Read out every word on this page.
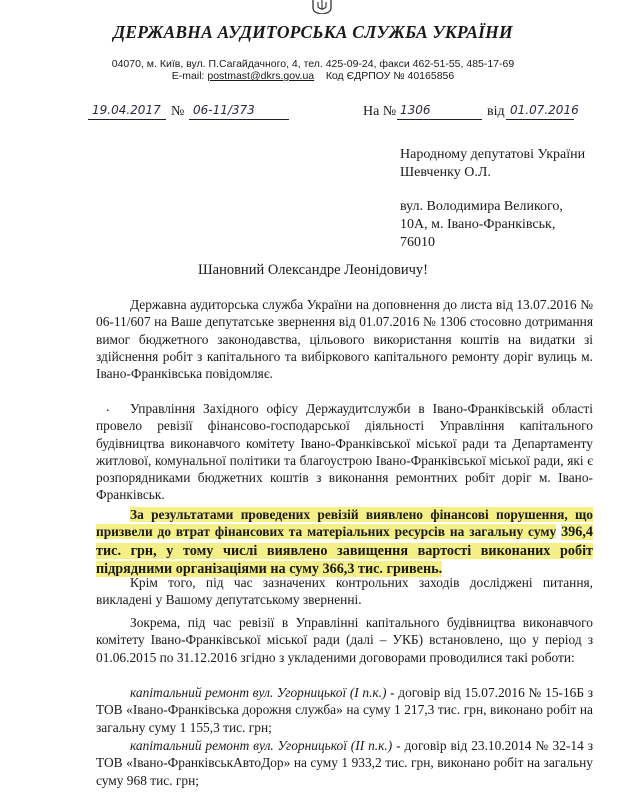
ДЕРЖАВНА АУДИТОРСЬКА СЛУЖБА УКРАЇНИ
04070, м. Київ, вул. П.Сагайдачного, 4, тел. 425-09-24, факси 462-51-55, 485-17-69
E-mail: postmast@dkrs.gov.ua Код ЄДРПОУ № 40165856
19.04.2017 № 06-11/373	На № 1306	від 01.07.2016
Народному депутатові України
Шевченку О.Л.
вул. Володимира Великого,
10А, м. Івано-Франківськ,
76010
Шановний Олександре Леонідовичу!
Державна аудиторська служба України на доповнення до листа від 13.07.2016 № 06-11/607 на Ваше депутатське звернення від 01.07.2016 № 1306 стосовно дотримання вимог бюджетного законодавства, цільового використання коштів на видатки зі здійснення робіт з капітального та вибіркового капітального ремонту доріг вулиць м. Івано-Франківська повідомляє.
.	Управління Західного офісу Держаудитслужби в Івано-Франківській області провело ревізії фінансово-господарської діяльності Управління капітального будівництва виконавчого комітету Івано-Франківської міської ради та Департаменту житлової, комунальної політики та благоустрою Івано-Франківської міської ради, які є розпорядниками бюджетних коштів з виконання ремонтних робіт доріг м. Івано-Франківськ.
За результатами проведених ревізій виявлено фінансові порушення, що призвели до втрат фінансових та матеріальних ресурсів на загальну суму 396,4 тис. грн, у тому числі виявлено завищення вартості виконаних робіт підрядними організаціями на суму 366,3 тис. гривень.
Крім того, під час зазначених контрольних заходів досліджені питання, викладені у Вашому депутатському зверненні.
Зокрема, під час ревізії в Управлінні капітального будівництва виконавчого комітету Івано-Франківської міської ради (далі – УКБ) встановлено, що у період з 01.06.2015 по 31.12.2016 згідно з укладеними договорами проводилися такі роботи:
капітальний ремонт вул. Угорницької (І п.к.) - договір від 15.07.2016 № 15-16Б з ТОВ «Івано-Франківська дорожня служба» на суму 1 217,3 тис. грн, виконано робіт на загальну суму 1 155,3 тис. грн;
капітальний ремонт вул. Угорницької (ІІ п.к.) - договір від 23.10.2014 № 32-14 з ТОВ «Івано-ФранківськАвтоДор» на суму 1 933,2 тис. грн, виконано робіт на загальну суму 968 тис. грн;
